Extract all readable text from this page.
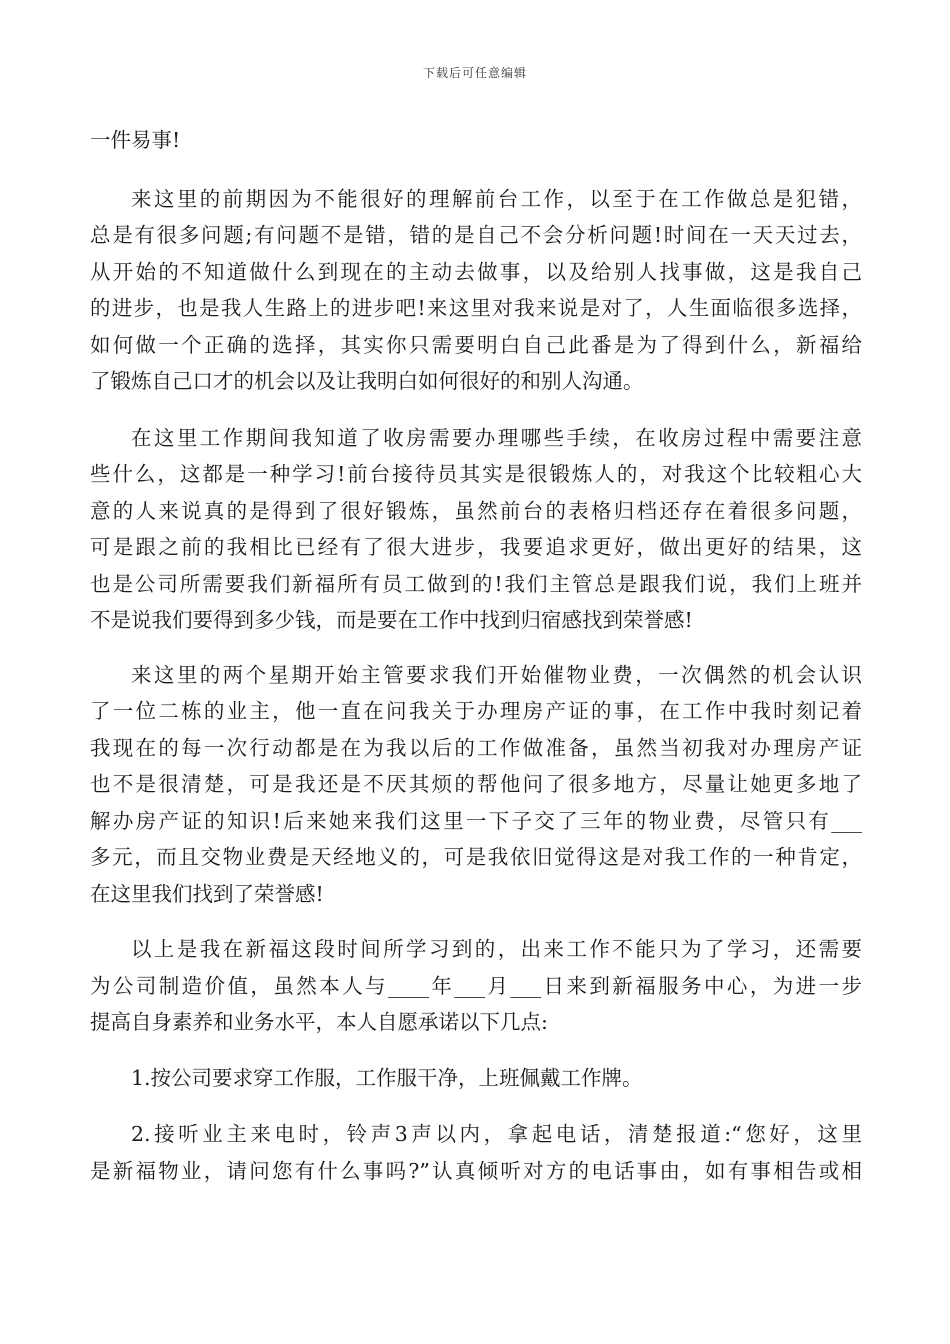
下载后可任意编辑
一件易事!
来这里的前期因为不能很好的理解前台工作，以至于在工作做总是犯错，
总是有很多问题;有问题不是错，错的是自己不会分析问题!时间在一天天过去，
从开始的不知道做什么到现在的主动去做事，以及给别人找事做，这是我自己
的进步，也是我人生路上的进步吧!来这里对我来说是对了，人生面临很多选择，
如何做一个正确的选择，其实你只需要明白自己此番是为了得到什么，新福给
了锻炼自己口才的机会以及让我明白如何很好的和别人沟通。
在这里工作期间我知道了收房需要办理哪些手续，在收房过程中需要注意
些什么，这都是一种学习!前台接待员其实是很锻炼人的，对我这个比较粗心大
意的人来说真的是得到了很好锻炼，虽然前台的表格归档还存在着很多问题，
可是跟之前的我相比已经有了很大进步，我要追求更好，做出更好的结果，这
也是公司所需要我们新福所有员工做到的!我们主管总是跟我们说，我们上班并
不是说我们要得到多少钱，而是要在工作中找到归宿感找到荣誉感!
来这里的两个星期开始主管要求我们开始催物业费，一次偶然的机会认识
了一位二栋的业主，他一直在问我关于办理房产证的事，在工作中我时刻记着
我现在的每一次行动都是在为我以后的工作做准备，虽然当初我对办理房产证
也不是很清楚，可是我还是不厌其烦的帮他问了很多地方，尽量让她更多地了
解办房产证的知识!后来她来我们这里一下子交了三年的物业费，尽管只有___
多元，而且交物业费是天经地义的，可是我依旧觉得这是对我工作的一种肯定，
在这里我们找到了荣誉感!
以上是我在新福这段时间所学习到的，出来工作不能只为了学习，还需要
为公司制造价值，虽然本人与____年___月___日来到新福服务中心，为进一步
提高自身素养和业务水平，本人自愿承诺以下几点:
1.按公司要求穿工作服，工作服干净，上班佩戴工作牌。
2.接听业主来电时，铃声3声以内，拿起电话，清楚报道:“您好，这里
是新福物业，请问您有什么事吗?”认真倾听对方的电话事由，如有事相告或相
